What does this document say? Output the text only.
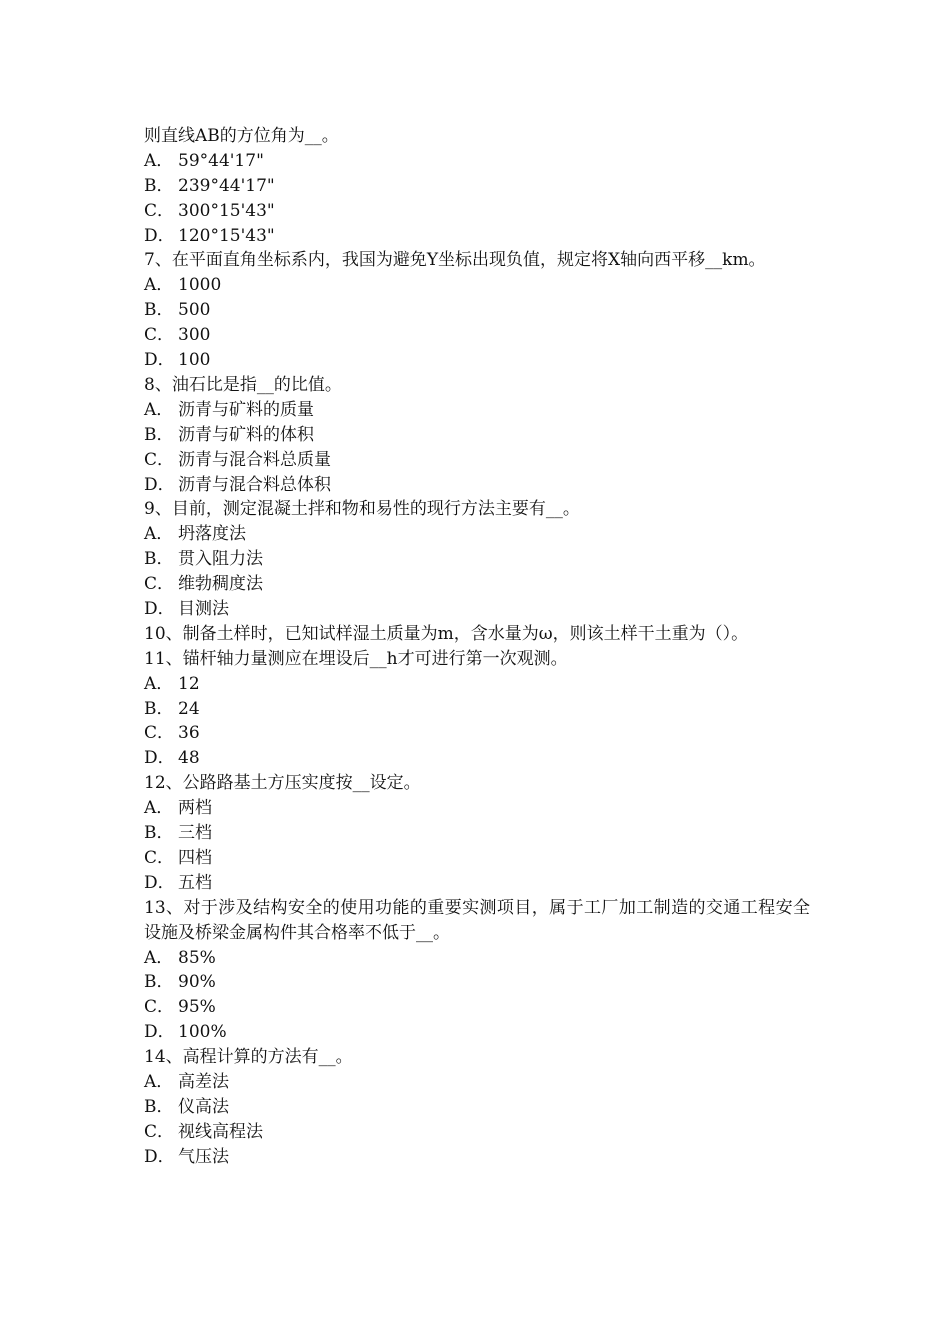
则直线AB的方位角为__。
A． 59°44'17"
B． 239°44'17"
C． 300°15'43"
D． 120°15'43"
7、在平面直角坐标系内，我国为避免Y坐标出现负值，规定将X轴向西平移__km。
A． 1000
B． 500
C． 300
D． 100
8、油石比是指__的比值。
A． 沥青与矿料的质量
B． 沥青与矿料的体积
C． 沥青与混合料总质量
D． 沥青与混合料总体积
9、目前，测定混凝土拌和物和易性的现行方法主要有__。
A． 坍落度法
B． 贯入阻力法
C． 维勃稠度法
D． 目测法
10、制备土样时，已知试样湿土质量为m，含水量为ω，则该土样干土重为（）。
11、锚杆轴力量测应在埋设后__h才可进行第一次观测。
A． 12
B． 24
C． 36
D． 48
12、公路路基土方压实度按__设定。
A． 两档
B． 三档
C． 四档
D． 五档
13、对于涉及结构安全的使用功能的重要实测项目，属于工厂加工制造的交通工程安全设施及桥梁金属构件其合格率不低于__。
A． 85%
B． 90%
C． 95%
D． 100%
14、高程计算的方法有__。
A． 高差法
B． 仪高法
C． 视线高程法
D． 气压法
